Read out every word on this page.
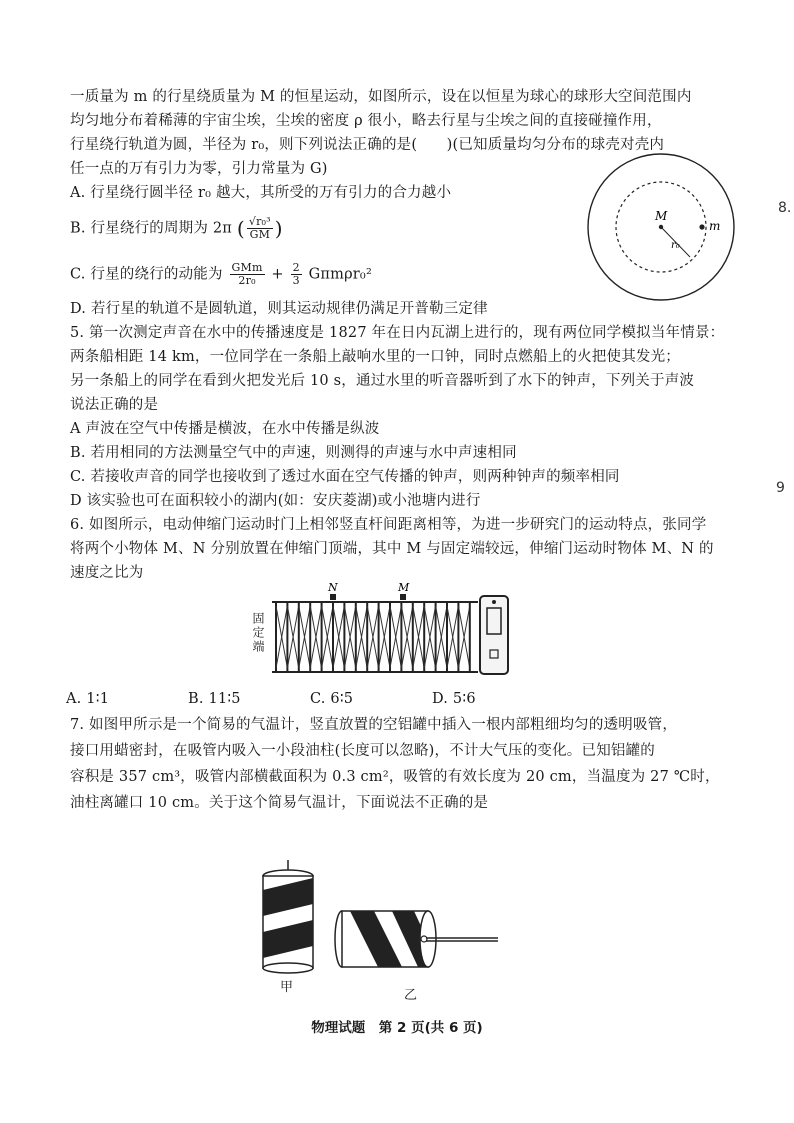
一质量为 m 的行星绕质量为 M 的恒星运动，如图所示，设在以恒星为球心的球形大空间范围内
均匀地分布着稀薄的宇宙尘埃，尘埃的密度 ρ 很小，略去行星与尘埃之间的直接碰撞作用，
行星绕行轨道为圆，半径为 r₀，则下列说法正确的是(　　)(已知质量均匀分布的球壳对壳内
任一点的万有引力为零，引力常量为 G)
A. 行星绕行圆半径 r₀ 越大，其所受的万有引力的合力越小
B. 行星绕行的周期为 2π ( $\frac{\text{√r₀³}}{GM}$ )
C. 行星的绕行的动能为 $\frac{\text{GMm}}{\text{2r₀}} + \frac{2}{3} G\pi m\rho r_0^2$
D. 若行星的轨道不是圆轨道，则其运动规律仍满足开普勒三定律
M
m
r₀
5. 第一次测定声音在水中的传播速度是 1827 年在日内瓦湖上进行的，现有两位同学模拟当年情景：
两条船相距 14 km，一位同学在一条船上敲响水里的一口钟，同时点燃船上的火把使其发光；
另一条船上的同学在看到火把发光后 10 s，通过水里的听音器听到了水下的钟声，下列关于声波
说法正确的是
A 声波在空气中传播是横波，在水中传播是纵波
B. 若用相同的方法测量空气中的声速，则测得的声速与水中声速相同
C. 若接收声音的同学也接收到了透过水面在空气传播的钟声，则两种钟声的频率相同
D 该实验也可在面积较小的湖内(如：安庆菱湖)或小池塘内进行
6. 如图所示，电动伸缩门运动时门上相邻竖直杆间距离相等，为进一步研究门的运动特点，张同学
将两个小物体 M、N 分别放置在伸缩门顶端，其中 M 与固定端较远，伸缩门运动时物体 M、N 的
速度之比为
固定端
N	M
A. 1∶1	B. 11∶5	C. 6∶5	D. 5∶6
7. 如图甲所示是一个简易的气温计，竖直放置的空铝罐中插入一根内部粗细均匀的透明吸管，
接口用蜡密封，在吸管内吸入一小段油柱(长度可以忽略)，不计大气压的变化。已知铝罐的
容积是 357 cm³，吸管内部横截面积为 0.3 cm²，吸管的有效长度为 20 cm，当温度为 27 ℃时，
油柱离罐口 10 cm。关于这个简易气温计，下面说法不正确的是
甲
乙
8.
9
物理试题　第 2 页(共 6 页)
